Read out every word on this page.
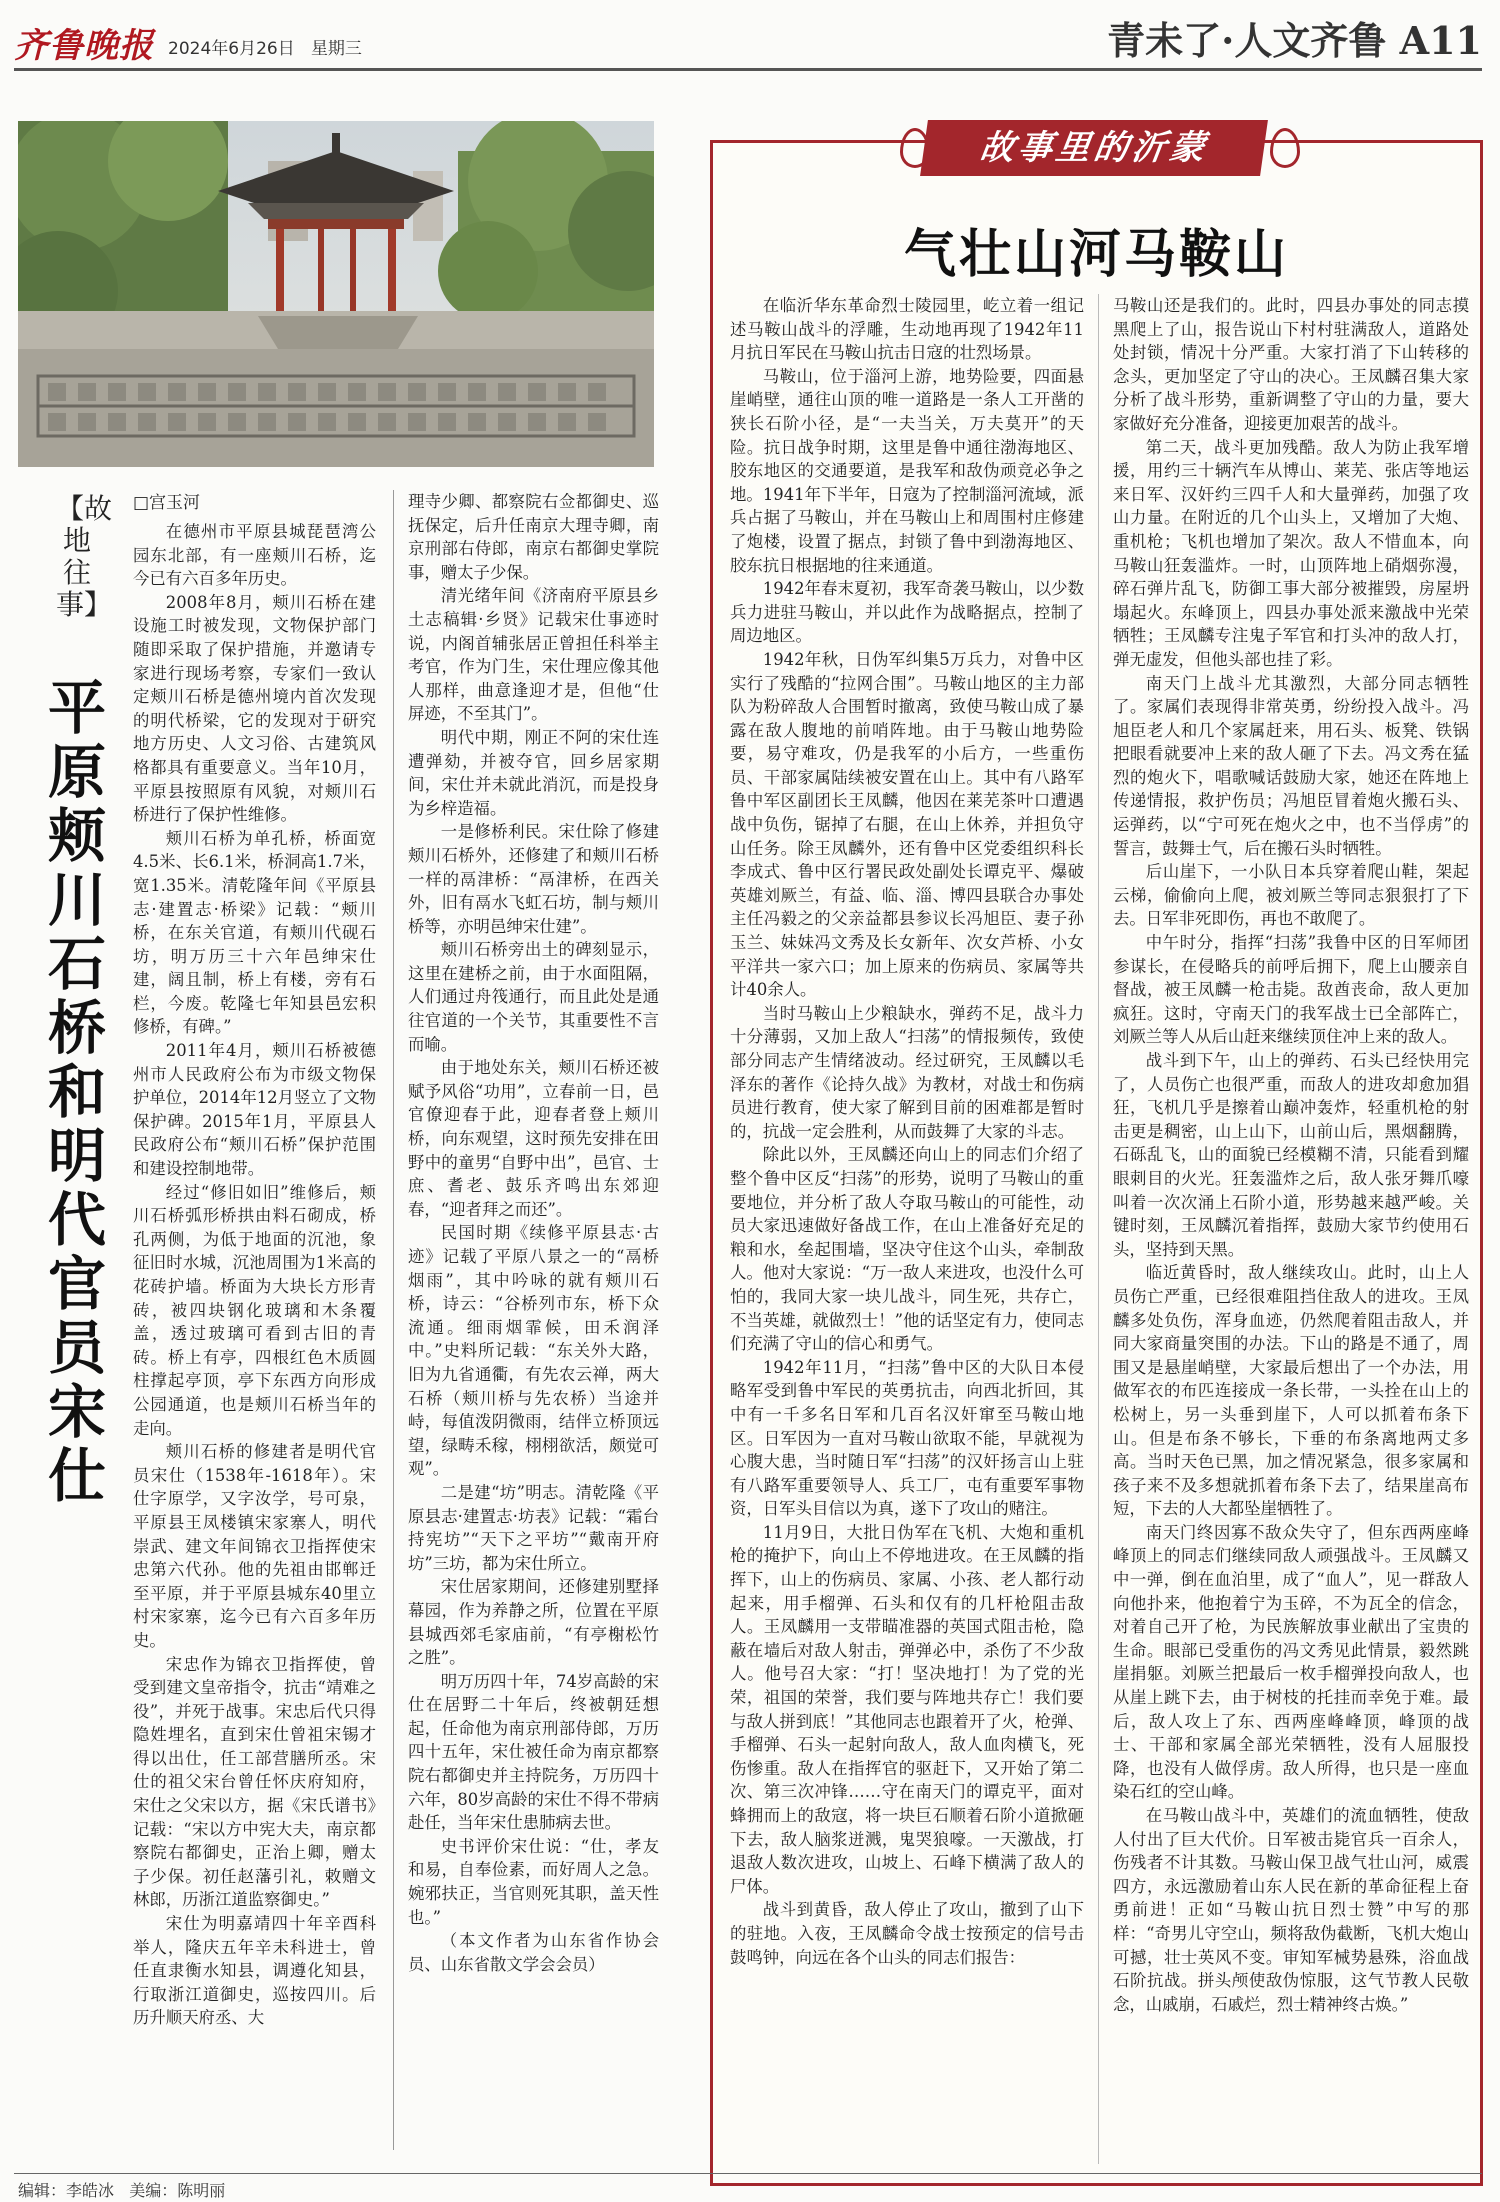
齐鲁晚报 2024年6月26日 星期三	青未了·人文齐鲁 A11
【故地往事】
平原颊川石桥和明代官员宋仕
□宫玉河

在德州市平原县城琵琶湾公园东北部，有一座颊川石桥，迄今已有六百多年历史。

2008年8月，颊川石桥在建设施工时被发现，文物保护部门随即采取了保护措施，并邀请专家进行现场考察，专家们一致认定颊川石桥是德州境内首次发现的明代桥梁，它的发现对于研究地方历史、人文习俗、古建筑风格都具有重要意义。当年10月，平原县按照原有风貌，对颊川石桥进行了保护性维修。

颊川石桥为单孔桥，桥面宽4.5米、长6.1米，桥洞高1.7米，宽1.35米。清乾隆年间《平原县志·建置志·桥梁》记载：“颊川桥，在东关官道，有颊川代砚石坊，明万历三十六年邑绅宋仕建，阔且制，桥上有楼，旁有石栏，今废。乾隆七年知县邑宏积修桥，有碑。”

2011年4月，颊川石桥被德州市人民政府公布为市级文物保护单位，2014年12月竖立了文物保护碑。2015年1月，平原县人民政府公布“颊川石桥”保护范围和建设控制地带。

经过“修旧如旧”维修后，颊川石桥弧形桥拱由料石砌成，桥孔两侧，为低于地面的沉池，象征旧时水城，沉池周围为1米高的花砖护墙。桥面为大块长方形青砖，被四块钢化玻璃和木条覆盖，透过玻璃可看到古旧的青砖。桥上有亭，四根红色木质圆柱撑起亭顶，亭下东西方向形成公园通道，也是颊川石桥当年的走向。

颊川石桥的修建者是明代官员宋仕（1538年-1618年）。宋仕字原学，又字汝学，号可泉，平原县王凤楼镇宋家寨人，明代崇武、建文年间锦衣卫指挥使宋忠第六代孙。他的先祖由邯郸迁至平原，并于平原县城东40里立村宋家寨，迄今已有六百多年历史。

宋忠作为锦衣卫指挥使，曾受到建文皇帝指令，抗击“靖难之役”，并死于战事。宋忠后代只得隐姓埋名，直到宋仕曾祖宋锡才得以出仕，任工部营膳所丞。宋仕的祖父宋台曾任怀庆府知府，宋仕之父宋以方，据《宋氏谱书》记载：“宋以方中宪大夫，南京都察院右都御史，正治上卿，赠太子少保。初任赵藩引礼，敕赠文林郎，历浙江道监察御史。”

宋仕为明嘉靖四十年辛酉科举人，隆庆五年辛未科进士，曾任直隶衡水知县，调遵化知县，行取浙江道御史，巡按四川。后历升顺天府丞、大

理寺少卿、都察院右佥都御史、巡抚保定，后升任南京大理寺卿，南京刑部右侍郎，南京右都御史掌院事，赠太子少保。

清光绪年间《济南府平原县乡土志稿辑·乡贤》记载宋仕事迹时说，内阁首辅张居正曾担任科举主考官，作为门生，宋仕理应像其他人那样，曲意逢迎才是，但他“仕屏迹，不至其门”。

明代中期，刚正不阿的宋仕连遭弹劾，并被夺官，回乡居家期间，宋仕并未就此消沉，而是投身为乡梓造福。

一是修桥利民。宋仕除了修建颊川石桥外，还修建了和颊川石桥一样的鬲津桥：“鬲津桥，在西关外，旧有鬲水飞虹石坊，制与颊川桥等，亦明邑绅宋仕建”。

颊川石桥旁出土的碑刻显示，这里在建桥之前，由于水面阻隔，人们通过舟筏通行，而且此处是通往官道的一个关节，其重要性不言而喻。

由于地处东关，颊川石桥还被赋予风俗“功用”，立春前一日，邑官僚迎春于此，迎春者登上颊川桥，向东观望，这时预先安排在田野中的童男“自野中出”，邑官、士庶、耆老、鼓乐齐鸣出东郊迎春，“迎者拜之而还”。

民国时期《续修平原县志·古迹》记载了平原八景之一的“鬲桥烟雨”，其中吟咏的就有颊川石桥，诗云：“谷桥列市东，桥下众流通。细雨烟霏候，田禾润泽中。”史料所记载：“东关外大路，旧为九省通衢，有先农云禅，两大石桥（颊川桥与先农桥）当途并峙，每值泼阴微雨，结伴立桥顶远望，绿畴禾稼，栩栩欲活，颇觉可观”。

二是建“坊”明志。清乾隆《平原县志·建置志·坊表》记载：“霜台持宪坊”“天下之平坊”“戴南开府坊”三坊，都为宋仕所立。

宋仕居家期间，还修建别墅择幕园，作为养静之所，位置在平原县城西郊毛家庙前，“有亭榭松竹之胜”。

明万历四十年，74岁高龄的宋仕在居野二十年后，终被朝廷想起，任命他为南京刑部侍郎，万历四十五年，宋仕被任命为南京都察院右都御史并主持院务，万历四十六年，80岁高龄的宋仕不得不带病赴任，当年宋仕患肺病去世。

史书评价宋仕说：“仕，孝友和易，自奉俭素，而好周人之急。婉邪扶正，当官则死其职，盖天性也。”

（本文作者为山东省作协会员、山东省散文学会会员）

故事里的沂蒙
气壮山河马鞍山

在临沂华东革命烈士陵园里，屹立着一组记述马鞍山战斗的浮雕，生动地再现了1942年11月抗日军民在马鞍山抗击日寇的壮烈场景。

马鞍山，位于淄河上游，地势险要，四面悬崖峭壁，通往山顶的唯一道路是一条人工开凿的狭长石阶小径，是“一夫当关，万夫莫开”的天险。抗日战争时期，这里是鲁中通往渤海地区、胶东地区的交通要道，是我军和敌伪顽竞必争之地。1941年下半年，日寇为了控制淄河流域，派兵占据了马鞍山，并在马鞍山上和周围村庄修建了炮楼，设置了据点，封锁了鲁中到渤海地区、胶东抗日根据地的往来通道。

1942年春末夏初，我军奇袭马鞍山，以少数兵力进驻马鞍山，并以此作为战略据点，控制了周边地区。

1942年秋，日伪军纠集5万兵力，对鲁中区实行了残酷的“拉网合围”。马鞍山地区的主力部队为粉碎敌人合围暂时撤离，致使马鞍山成了暴露在敌人腹地的前哨阵地。由于马鞍山地势险要，易守难攻，仍是我军的小后方，一些重伤员、干部家属陆续被安置在山上。其中有八路军鲁中军区副团长王凤麟，他因在莱芜茶叶口遭遇战中负伤，锯掉了右腿，在山上休养，并担负守山任务。除王凤麟外，还有鲁中区党委组织科长李成式、鲁中区行署民政处副处长谭克平、爆破英雄刘厥兰，有益、临、淄、博四县联合办事处主任冯毅之的父亲益都县参议长冯旭臣、妻子孙玉兰、妹妹冯文秀及长女新年、次女芦桥、小女平洋共一家六口；加上原来的伤病员、家属等共计40余人。

当时马鞍山上少粮缺水，弹药不足，战斗力十分薄弱，又加上敌人“扫荡”的情报频传，致使部分同志产生情绪波动。经过研究，王凤麟以毛泽东的著作《论持久战》为教材，对战士和伤病员进行教育，使大家了解到目前的困难都是暂时的，抗战一定会胜利，从而鼓舞了大家的斗志。

除此以外，王凤麟还向山上的同志们介绍了整个鲁中区反“扫荡”的形势，说明了马鞍山的重要地位，并分析了敌人夺取马鞍山的可能性，动员大家迅速做好备战工作，在山上准备好充足的粮和水，垒起围墙，坚决守住这个山头，牵制敌人。他对大家说：“万一敌人来进攻，也没什么可怕的，我同大家一块儿战斗，同生死，共存亡，不当英雄，就做烈士！”他的话坚定有力，使同志们充满了守山的信心和勇气。

1942年11月，“扫荡”鲁中区的大队日本侵略军受到鲁中军民的英勇抗击，向西北折回，其中有一千多名日军和几百名汉奸窜至马鞍山地区。日军因为一直对马鞍山欲取不能，早就视为心腹大患，当时随日军“扫荡”的汉奸扬言山上驻有八路军重要领导人、兵工厂，屯有重要军事物资，日军头目信以为真，遂下了攻山的赌注。

11月9日，大批日伪军在飞机、大炮和重机枪的掩护下，向山上不停地进攻。在王凤麟的指挥下，山上的伤病员、家属、小孩、老人都行动起来，用手榴弹、石头和仅有的几杆枪阻击敌人。王凤麟用一支带瞄准器的英国式阻击枪，隐蔽在墙后对敌人射击，弹弹必中，杀伤了不少敌人。他号召大家：“打！坚决地打！为了党的光荣，祖国的荣誉，我们要与阵地共存亡！我们要与敌人拼到底！”其他同志也跟着开了火，枪弹、手榴弹、石头一起射向敌人，敌人血肉横飞，死伤惨重。敌人在指挥官的驱赶下，又开始了第二次、第三次冲锋……守在南天门的谭克平，面对蜂拥而上的敌寇，将一块巨石顺着石阶小道掀砸下去，敌人脑浆迸溅，鬼哭狼嚎。一天激战，打退敌人数次进攻，山坡上、石峰下横满了敌人的尸体。

战斗到黄昏，敌人停止了攻山，撤到了山下的驻地。入夜，王凤麟命令战士按预定的信号击鼓鸣钟，向远在各个山头的同志们报告：

马鞍山还是我们的。此时，四县办事处的同志摸黑爬上了山，报告说山下村村驻满敌人，道路处处封锁，情况十分严重。大家打消了下山转移的念头，更加坚定了守山的决心。王凤麟召集大家分析了战斗形势，重新调整了守山的力量，要大家做好充分准备，迎接更加艰苦的战斗。

第二天，战斗更加残酷。敌人为防止我军增援，用约三十辆汽车从博山、莱芜、张店等地运来日军、汉奸约三四千人和大量弹药，加强了攻山力量。在附近的几个山头上，又增加了大炮、重机枪；飞机也增加了架次。敌人不惜血本，向马鞍山狂轰滥炸。一时，山顶阵地上硝烟弥漫，碎石弹片乱飞，防御工事大部分被摧毁，房屋坍塌起火。东峰顶上，四县办事处派来激战中光荣牺牲；王凤麟专注鬼子军官和打头冲的敌人打，弹无虚发，但他头部也挂了彩。

南天门上战斗尤其激烈，大部分同志牺牲了。家属们表现得非常英勇，纷纷投入战斗。冯旭臣老人和几个家属赶来，用石头、板凳、铁锅把眼看就要冲上来的敌人砸了下去。冯文秀在猛烈的炮火下，唱歌喊话鼓励大家，她还在阵地上传递情报，救护伤员；冯旭臣冒着炮火搬石头、运弹药，以“宁可死在炮火之中，也不当俘虏”的誓言，鼓舞士气，后在搬石头时牺牲。

后山崖下，一小队日本兵穿着爬山鞋，架起云梯，偷偷向上爬，被刘厥兰等同志狠狠打了下去。日军非死即伤，再也不敢爬了。

中午时分，指挥“扫荡”我鲁中区的日军师团参谋长，在侵略兵的前呼后拥下，爬上山腰亲自督战，被王凤麟一枪击毙。敌酋丧命，敌人更加疯狂。这时，守南天门的我军战士已全部阵亡，刘厥兰等人从后山赶来继续顶住冲上来的敌人。

战斗到下午，山上的弹药、石头已经快用完了，人员伤亡也很严重，而敌人的进攻却愈加猖狂，飞机几乎是擦着山巅冲轰炸，轻重机枪的射击更是稠密，山上山下，山前山后，黑烟翻腾，石砾乱飞，山的面貌已经模糊不清，只能看到耀眼刺目的火光。狂轰滥炸之后，敌人张牙舞爪嚎叫着一次次涌上石阶小道，形势越来越严峻。关键时刻，王凤麟沉着指挥，鼓励大家节约使用石头，坚持到天黑。

临近黄昏时，敌人继续攻山。此时，山上人员伤亡严重，已经很难阻挡住敌人的进攻。王凤麟多处负伤，浑身血迹，仍然爬着阻击敌人，并同大家商量突围的办法。下山的路是不通了，周围又是悬崖峭壁，大家最后想出了一个办法，用做军衣的布匹连接成一条长带，一头拴在山上的松树上，另一头垂到崖下，人可以抓着布条下山。但是布条不够长，下垂的布条离地两丈多高。当时天色已黑，加之情况紧急，很多家属和孩子来不及多想就抓着布条下去了，结果崖高布短，下去的人大都坠崖牺牲了。

南天门终因寡不敌众失守了，但东西两座峰峰顶上的同志们继续同敌人顽强战斗。王凤麟又中一弹，倒在血泊里，成了“血人”，见一群敌人向他扑来，他抱着宁为玉碎，不为瓦全的信念，对着自己开了枪，为民族解放事业献出了宝贵的生命。眼部已受重伤的冯文秀见此情景，毅然跳崖捐躯。刘厥兰把最后一枚手榴弹投向敌人，也从崖上跳下去，由于树枝的托挂而幸免于难。最后，敌人攻上了东、西两座峰峰顶，峰顶的战士、干部和家属全部光荣牺牲，没有人屈服投降，也没有人做俘虏。敌人所得，也只是一座血染石红的空山峰。

在马鞍山战斗中，英雄们的流血牺牲，使敌人付出了巨大代价。日军被击毙官兵一百余人，伤残者不计其数。马鞍山保卫战气壮山河，威震四方，永远激励着山东人民在新的革命征程上奋勇前进！正如“马鞍山抗日烈士赞”中写的那样：“奇男儿守空山，频将敌伪截断，飞机大炮山可撼，壮士英风不变。审知军械势悬殊，浴血战石阶抗战。拼头颅使敌伪惊服，这气节教人民敬念，山戚崩，石戚烂，烈士精神终古焕。”

编辑：李皓冰 美编：陈明丽
